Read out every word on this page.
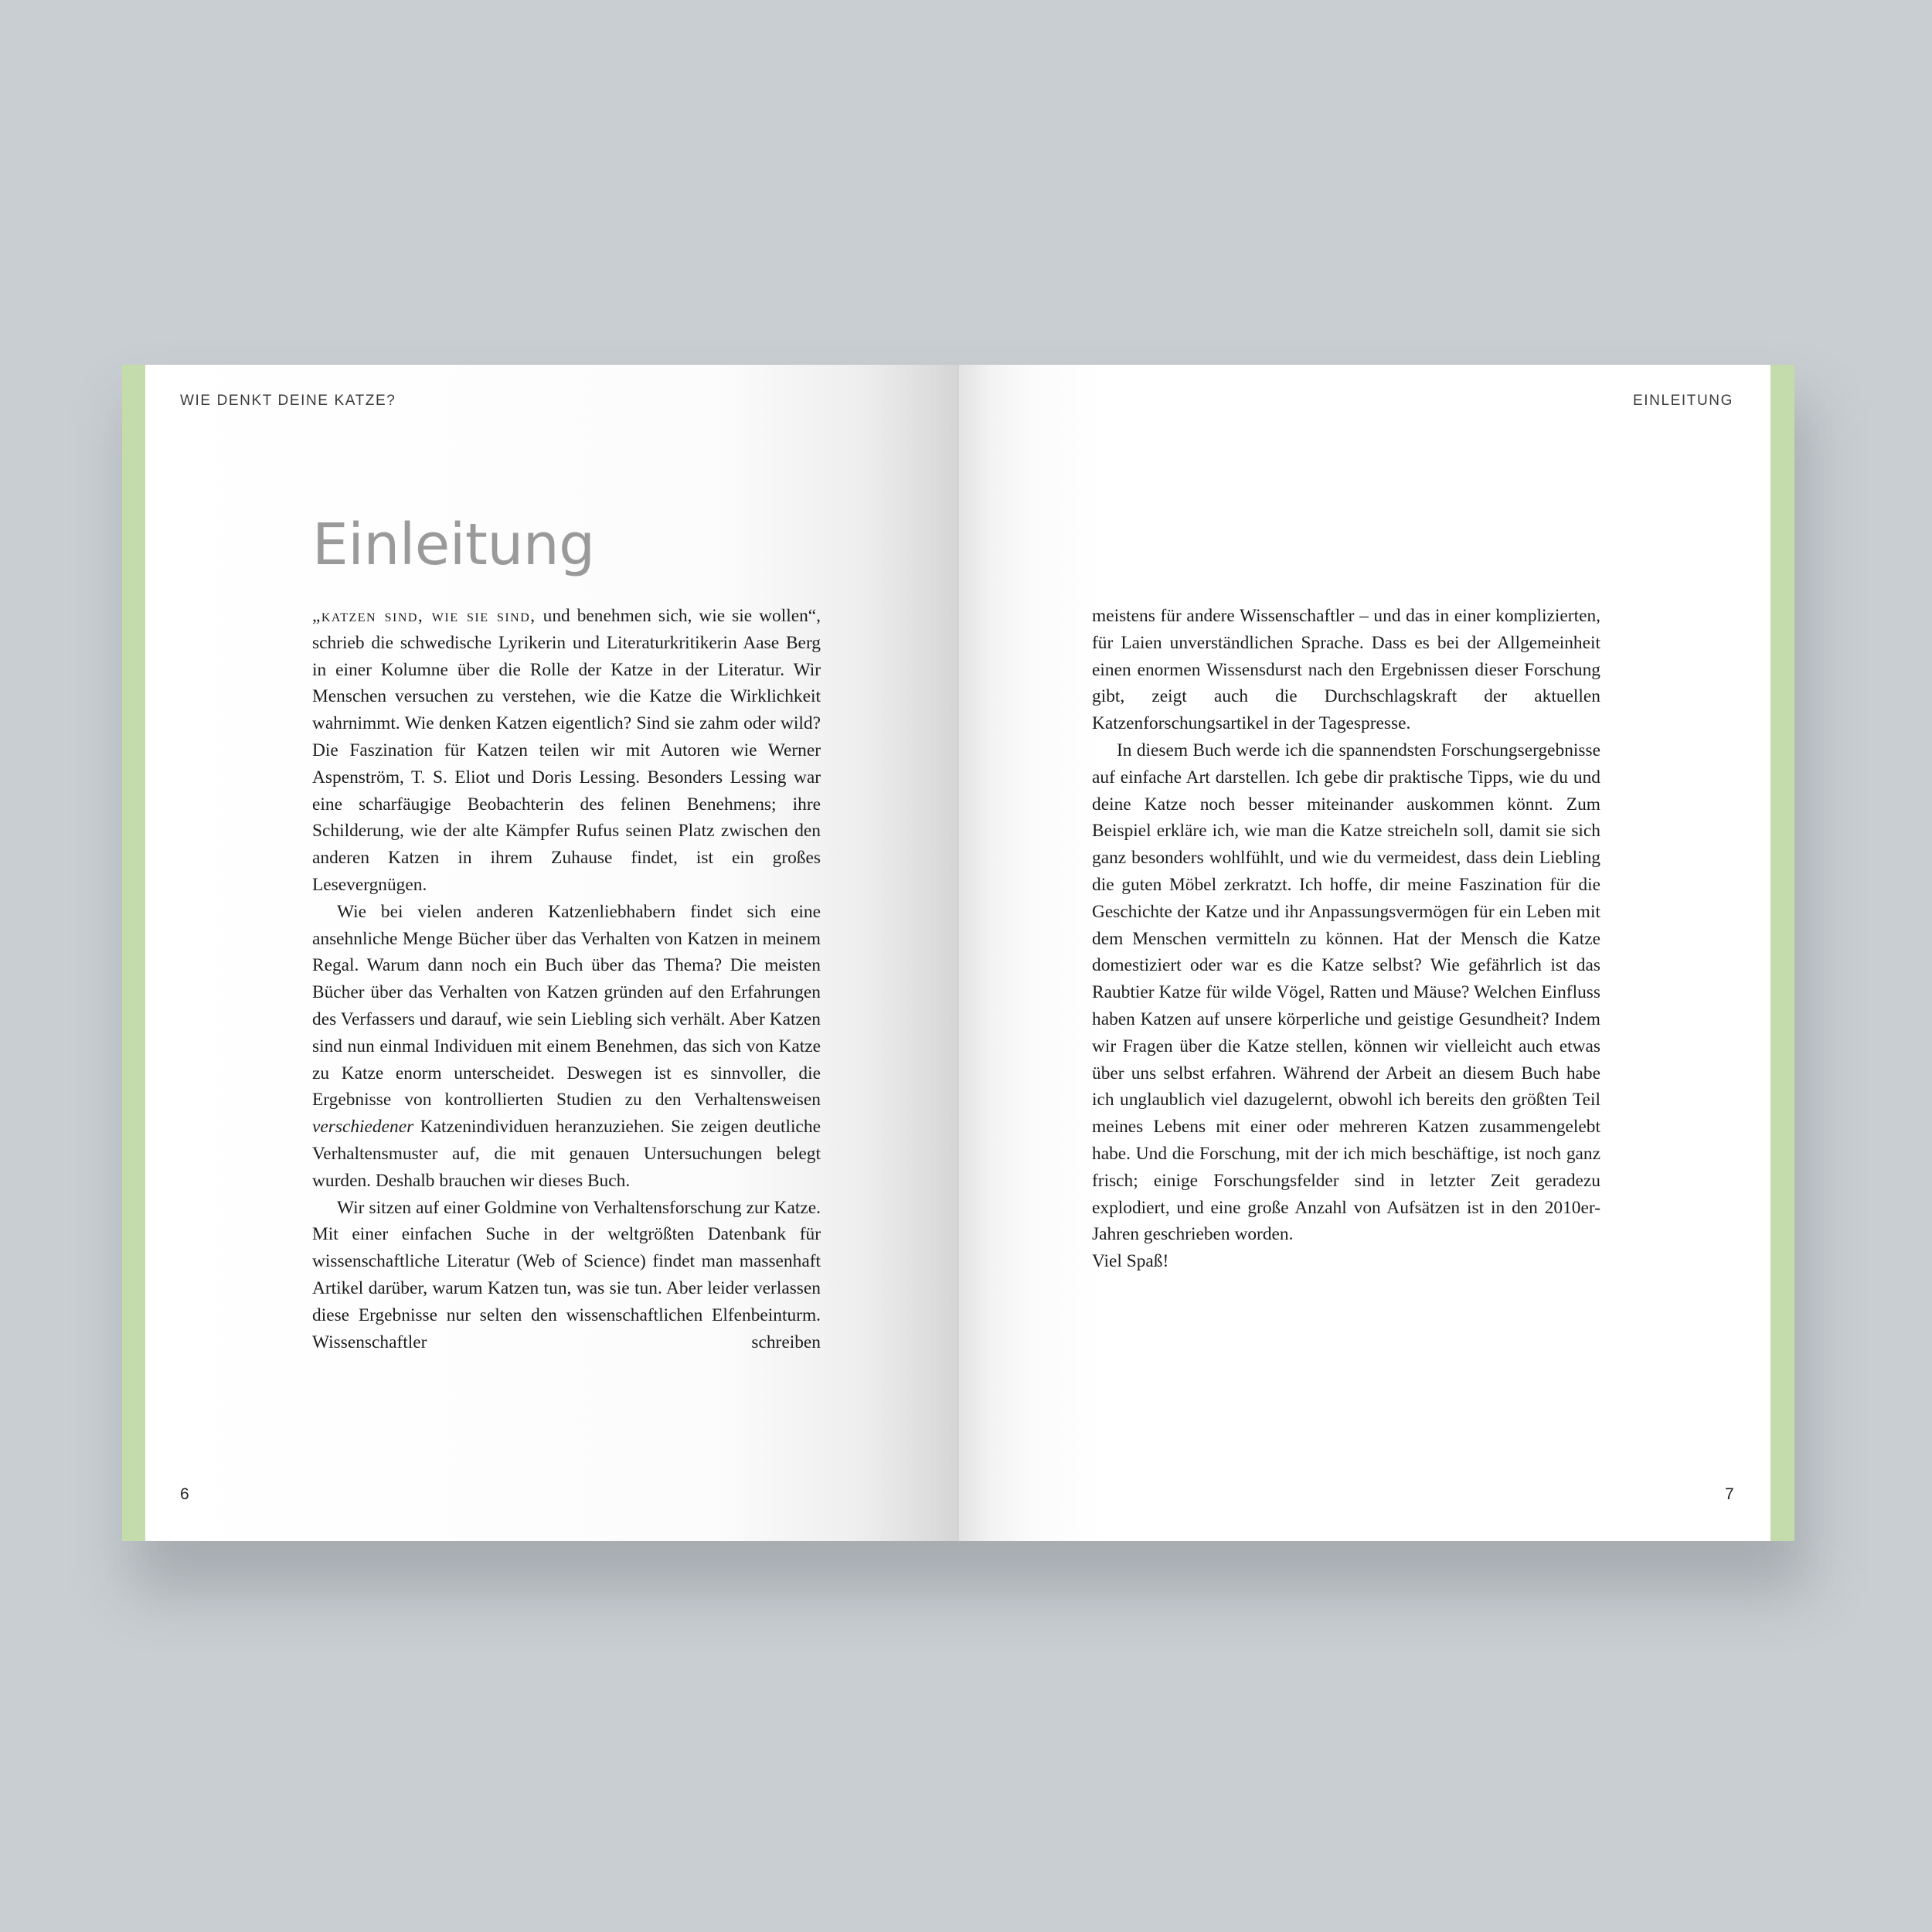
WIE DENKT DEINE KATZE?	EINLEITUNG
Einleitung

„katzen sind, wie sie sind, und benehmen sich, wie sie wollen“, schrieb die schwedische Lyrikerin und Literaturkritikerin Aase Berg in einer Kolumne über die Rolle der Katze in der Literatur. Wir Menschen versuchen zu verstehen, wie die Katze die Wirklichkeit wahrnimmt. Wie denken Katzen eigentlich? Sind sie zahm oder wild? Die Faszination für Katzen teilen wir mit Autoren wie Werner Aspenström, T. S. Eliot und Doris Lessing. Besonders Lessing war eine scharfäugige Beobachterin des felinen Benehmens; ihre Schilderung, wie der alte Kämpfer Rufus seinen Platz zwischen den anderen Katzen in ihrem Zuhause findet, ist ein großes Lesevergnügen.

Wie bei vielen anderen Katzenliebhabern findet sich eine ansehnliche Menge Bücher über das Verhalten von Katzen in meinem Regal. Warum dann noch ein Buch über das Thema? Die meisten Bücher über das Verhalten von Katzen gründen auf den Erfahrungen des Verfassers und darauf, wie sein Liebling sich verhält. Aber Katzen sind nun einmal Individuen mit einem Benehmen, das sich von Katze zu Katze enorm unterscheidet. Deswegen ist es sinnvoller, die Ergebnisse von kontrollierten Studien zu den Verhaltensweisen verschiedener Katzenindividuen heranzuziehen. Sie zeigen deutliche Verhaltensmuster auf, die mit genauen Untersuchungen belegt wurden. Deshalb brauchen wir dieses Buch.

Wir sitzen auf einer Goldmine von Verhaltensforschung zur Katze. Mit einer einfachen Suche in der weltgrößten Datenbank für wissenschaftliche Literatur (Web of Science) findet man massenhaft Artikel darüber, warum Katzen tun, was sie tun. Aber leider verlassen diese Ergebnisse nur selten den wissenschaftlichen Elfenbeinturm. Wissenschaftler schreiben

meistens für andere Wissenschaftler – und das in einer komplizierten, für Laien unverständlichen Sprache. Dass es bei der Allgemeinheit einen enormen Wissensdurst nach den Ergebnissen dieser Forschung gibt, zeigt auch die Durchschlagskraft der aktuellen Katzenforschungsartikel in der Tagespresse.

In diesem Buch werde ich die spannendsten Forschungsergebnisse auf einfache Art darstellen. Ich gebe dir praktische Tipps, wie du und deine Katze noch besser miteinander auskommen könnt. Zum Beispiel erkläre ich, wie man die Katze streicheln soll, damit sie sich ganz besonders wohlfühlt, und wie du vermeidest, dass dein Liebling die guten Möbel zerkratzt. Ich hoffe, dir meine Faszination für die Geschichte der Katze und ihr Anpassungsvermögen für ein Leben mit dem Menschen vermitteln zu können. Hat der Mensch die Katze domestiziert oder war es die Katze selbst? Wie gefährlich ist das Raubtier Katze für wilde Vögel, Ratten und Mäuse? Welchen Einfluss haben Katzen auf unsere körperliche und geistige Gesundheit? Indem wir Fragen über die Katze stellen, können wir vielleicht auch etwas über uns selbst erfahren. Während der Arbeit an diesem Buch habe ich unglaublich viel dazugelernt, obwohl ich bereits den größten Teil meines Lebens mit einer oder mehreren Katzen zusammengelebt habe. Und die Forschung, mit der ich mich beschäftige, ist noch ganz frisch; einige Forschungsfelder sind in letzter Zeit geradezu explodiert, und eine große Anzahl von Aufsätzen ist in den 2010er-Jahren geschrieben worden.

Viel Spaß!

6	7
